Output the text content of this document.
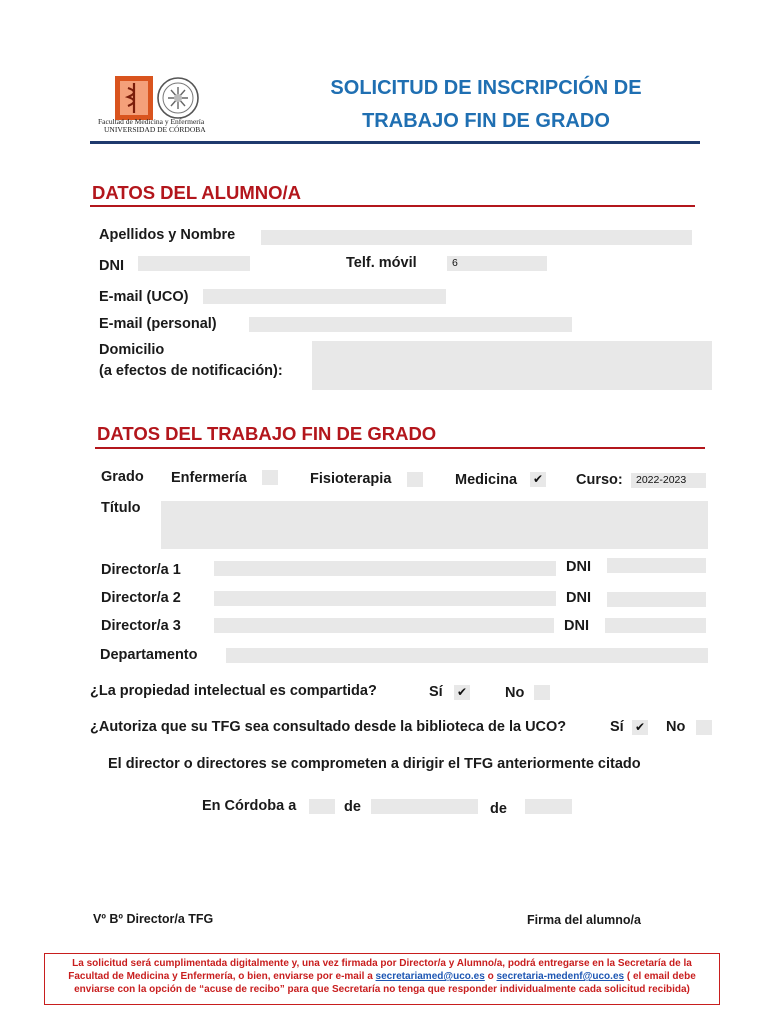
Facultad de Medicina y Enfermería
UNIVERSIDAD DE CÓRDOBA
SOLICITUD DE INSCRIPCIÓN DE
TRABAJO FIN DE GRADO
DATOS DEL ALUMNO/A
Apellidos y Nombre
DNI	Telf. móvil	6
E-mail (UCO)
E-mail (personal)
Domicilio
(a efectos de notificación):
DATOS DEL TRABAJO FIN DE GRADO
Grado Enfermería	Fisioterapia	Medicina ✔ Curso:	2022-2023
Título
Director/a 1	DNI
Director/a 2	DNI
Director/a 3	DNI
Departamento
¿La propiedad intelectual es compartida?	Sí ✔	No
¿Autoriza que su TFG sea consultado desde la biblioteca de la UCO?	Sí ✔ No
El director o directores se comprometen a dirigir el TFG anteriormente citado
En Córdoba a	de	de
Vº Bº Director/a TFG	Firma del alumno/a
La solicitud será cumplimentada digitalmente y, una vez firmada por Director/a y Alumno/a, podrá entregarse en la Secretaría de la Facultad de Medicina y Enfermería, o bien, enviarse por e-mail a secretariamed@uco.es o secretaria-medenf@uco.es ( el email debe enviarse con la opción de “acuse de recibo” para que Secretaría no tenga que responder individualmente cada solicitud recibida)
